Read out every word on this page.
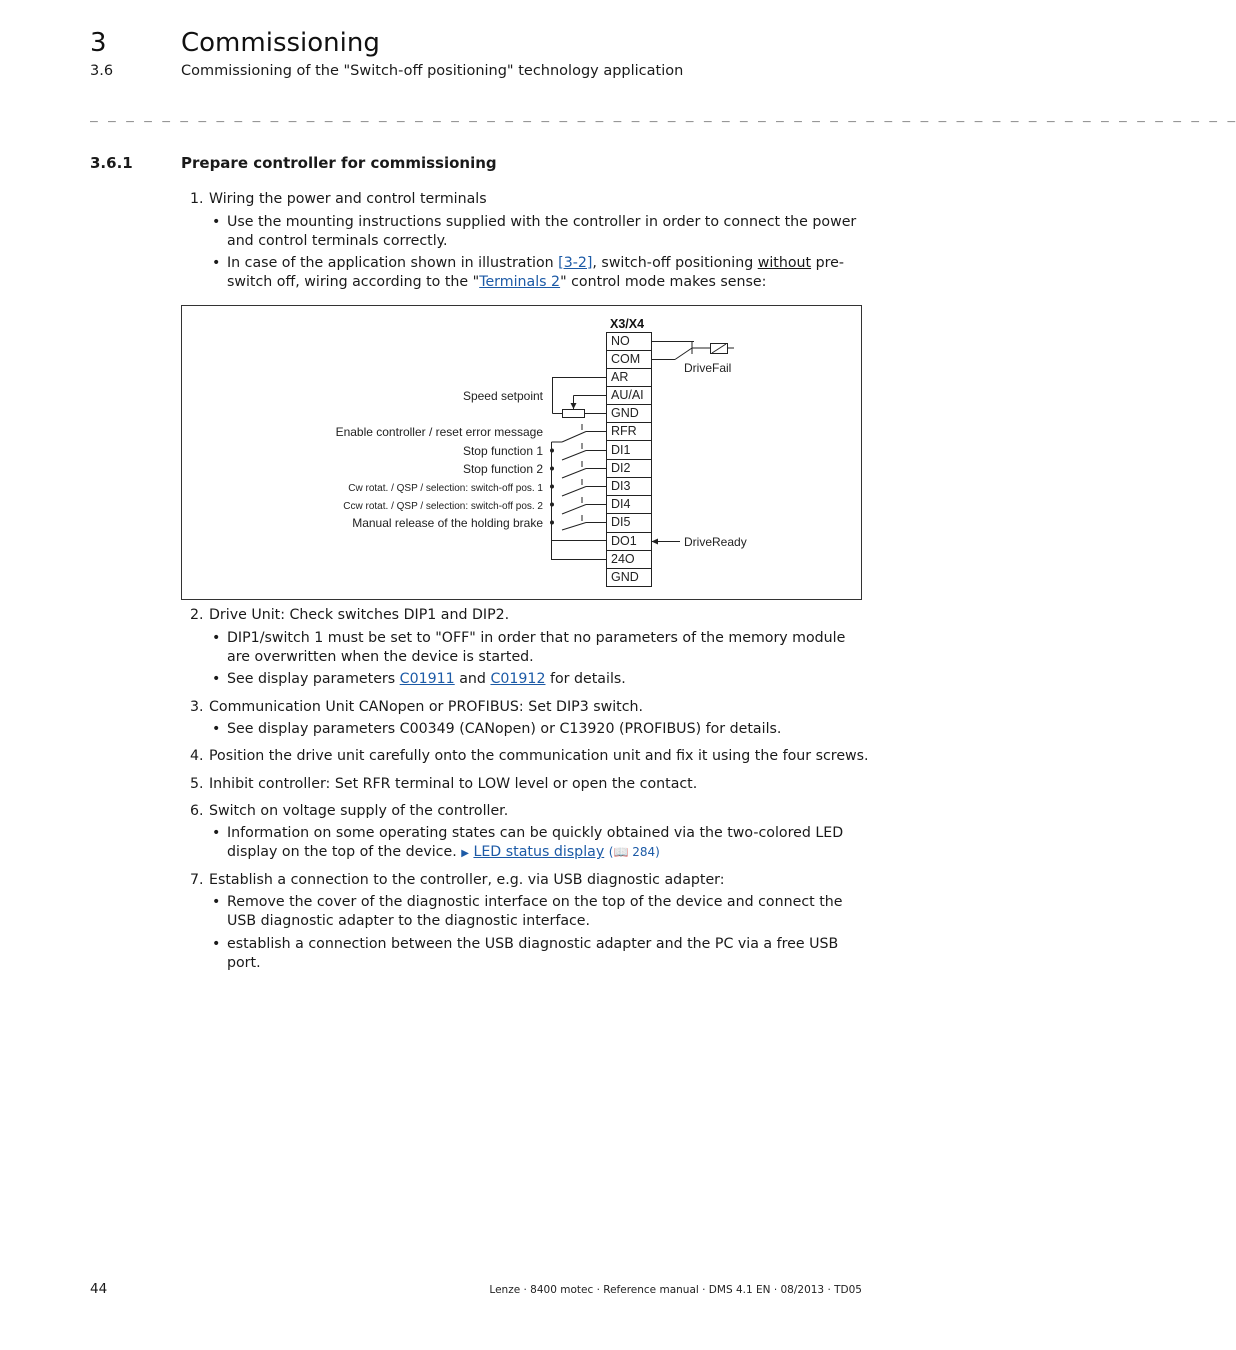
3	Commissioning
3.6	Commissioning of the "Switch-off positioning" technology application
_ _ _ _ _ _ _ _ _ _ _ _ _ _ _ _ _ _ _ _ _ _ _ _ _ _ _ _ _ _ _ _ _ _ _ _ _ _ _ _ _ _ _ _ _ _ _ _ _ _ _ _ _ _ _ _ _ _ _ _ _ _ _ _
3.6.1	Prepare controller for commissioning
1. Wiring the power and control terminals
• Use the mounting instructions supplied with the controller in order to connect the power and control terminals correctly.
• In case of the application shown in illustration [3-2], switch-off positioning without pre-switch off, wiring according to the "Terminals 2" control mode makes sense:
NO
COM
AR
AU/AI
GND
RFR
DI1
DI2
DI3
DI4
DI5
DO1
24O
GND
X3/X4
Speed setpoint
Enable controller / reset error message
Stop function 1
Stop function 2
Manual release of the holding brake
Cw rotat. / QSP / selection: switch-off pos. 1
Ccw rotat. / QSP / selection: switch-off pos. 2
DriveFail
DriveReady
2. Drive Unit: Check switches DIP1 and DIP2.
• DIP1/switch 1 must be set to "OFF" in order that no parameters of the memory module are overwritten when the device is started.
• See display parameters C01911 and C01912 for details.
3. Communication Unit CANopen or PROFIBUS: Set DIP3 switch.
• See display parameters C00349 (CANopen) or C13920 (PROFIBUS) for details.
4. Position the drive unit carefully onto the communication unit and fix it using the four screws.
5. Inhibit controller: Set RFR terminal to LOW level or open the contact.
6. Switch on voltage supply of the controller.
• Information on some operating states can be quickly obtained via the two-colored LED display on the top of the device. ▶ LED status display (📖 284)
7. Establish a connection to the controller, e.g. via USB diagnostic adapter:
• Remove the cover of the diagnostic interface on the top of the device and connect the USB diagnostic adapter to the diagnostic interface.
• establish a connection between the USB diagnostic adapter and the PC via a free USB port.
44	Lenze · 8400 motec · Reference manual · DMS 4.1 EN · 08/2013 · TD05
